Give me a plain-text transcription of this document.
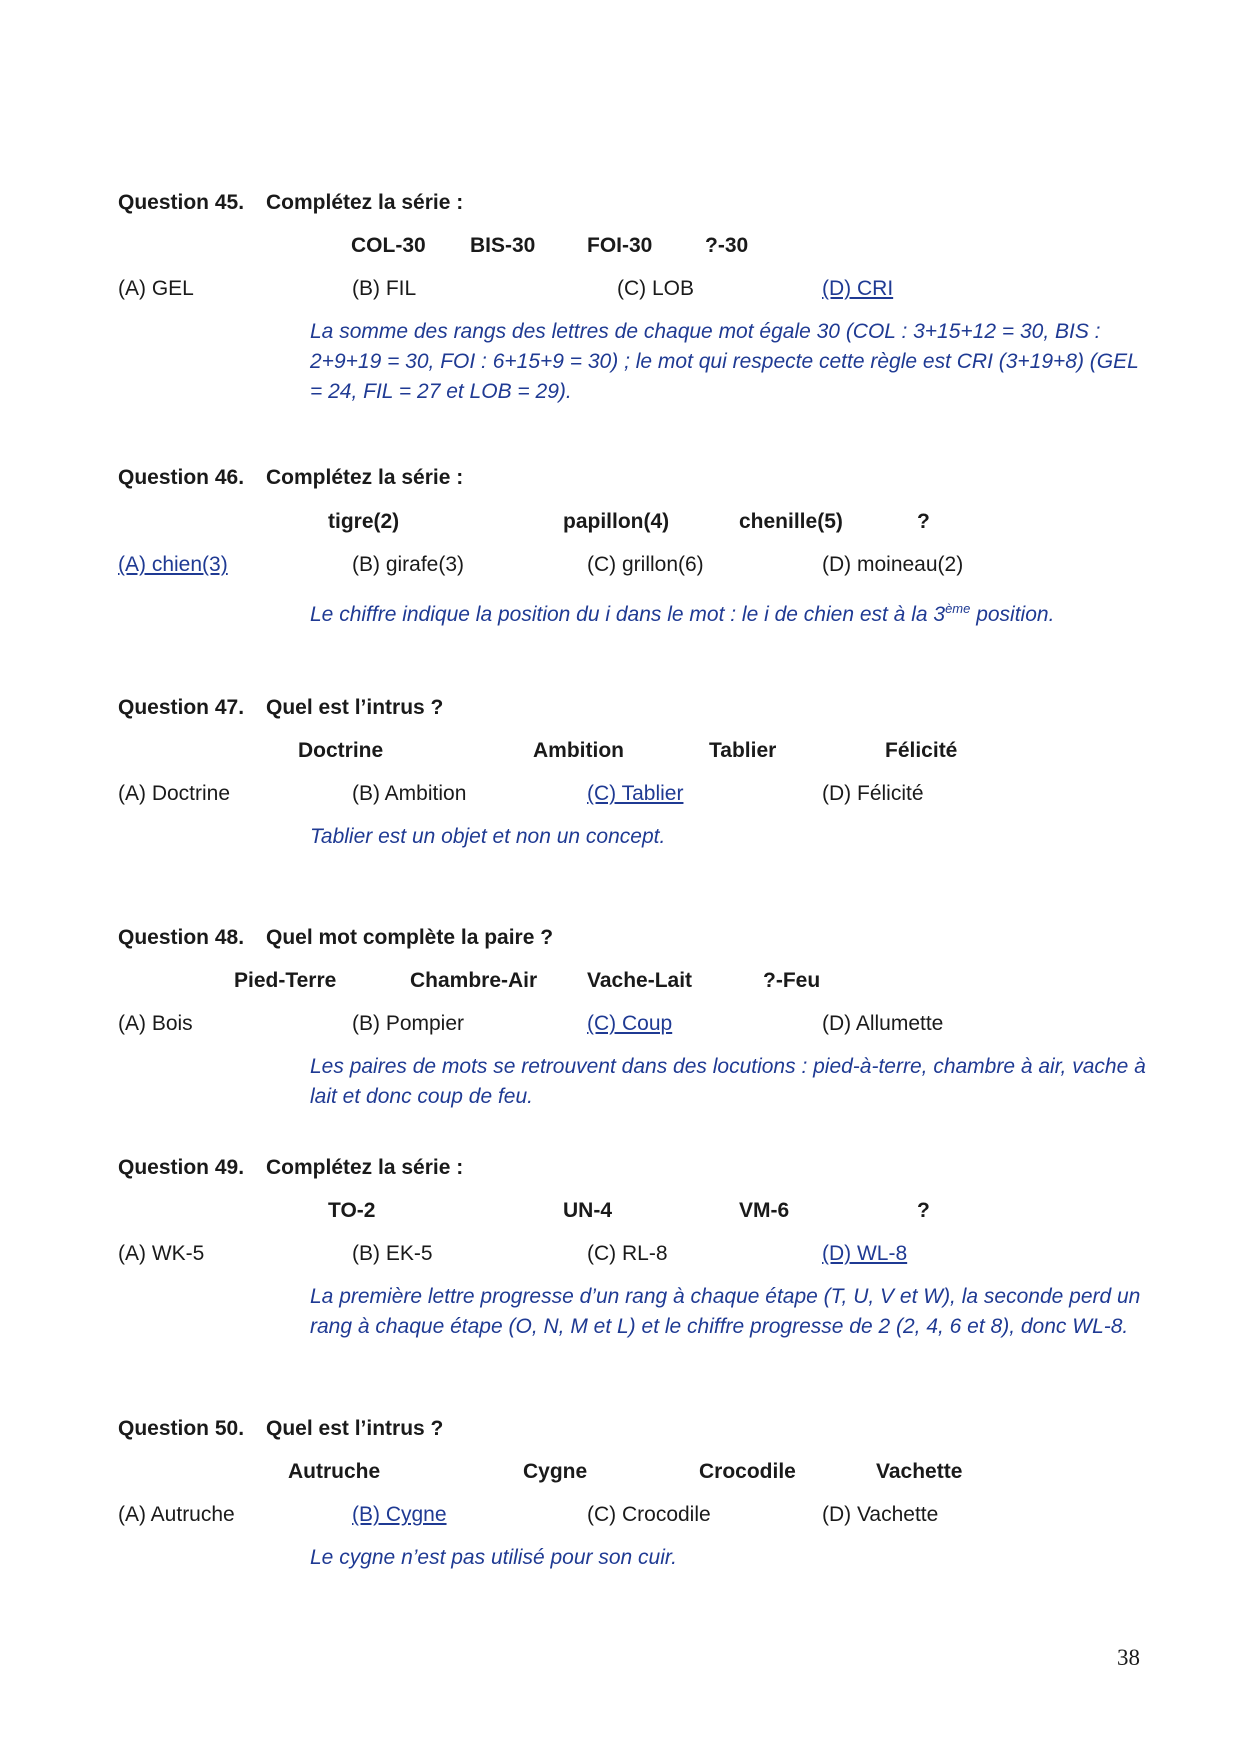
Question 45. Complétez la série :
COL-30 BIS-30 FOI-30	?-30
(A) GEL	(B) FIL	(C) LOB	(D) CRI
La somme des rangs des lettres de chaque mot égale 30 (COL : 3+15+12 = 30, BIS : 2+9+19 = 30, FOI : 6+15+9 = 30) ; le mot qui respecte cette règle est CRI (3+19+8) (GEL = 24, FIL = 27 et LOB = 29).
Question 46. Complétez la série :
tigre(2)	papillon(4)	chenille(5)	?
(A) chien(3)	(B) girafe(3)	(C) grillon(6)	(D) moineau(2)
Le chiffre indique la position du i dans le mot : le i de chien est à la 3ème position.
Question 47. Quel est l’intrus ?
Doctrine	Ambition	Tablier	Félicité
(A) Doctrine	(B) Ambition	(C) Tablier	(D) Félicité
Tablier est un objet et non un concept.
Question 48. Quel mot complète la paire ?
Pied-Terre	Chambre-Air Vache-Lait	?-Feu
(A) Bois	(B) Pompier	(C) Coup	(D) Allumette
Les paires de mots se retrouvent dans des locutions : pied-à-terre, chambre à air, vache à lait et donc coup de feu.
Question 49. Complétez la série :
TO-2	UN-4	VM-6	?
(A) WK-5	(B) EK-5	(C) RL-8	(D) WL-8
La première lettre progresse d’un rang à chaque étape (T, U, V et W), la seconde perd un rang à chaque étape (O, N, M et L) et le chiffre progresse de 2 (2, 4, 6 et 8), donc WL-8.
Question 50. Quel est l’intrus ?
Autruche	Cygne	Crocodile	Vachette
(A) Autruche	(B) Cygne	(C) Crocodile	(D) Vachette
Le cygne n’est pas utilisé pour son cuir.
38
